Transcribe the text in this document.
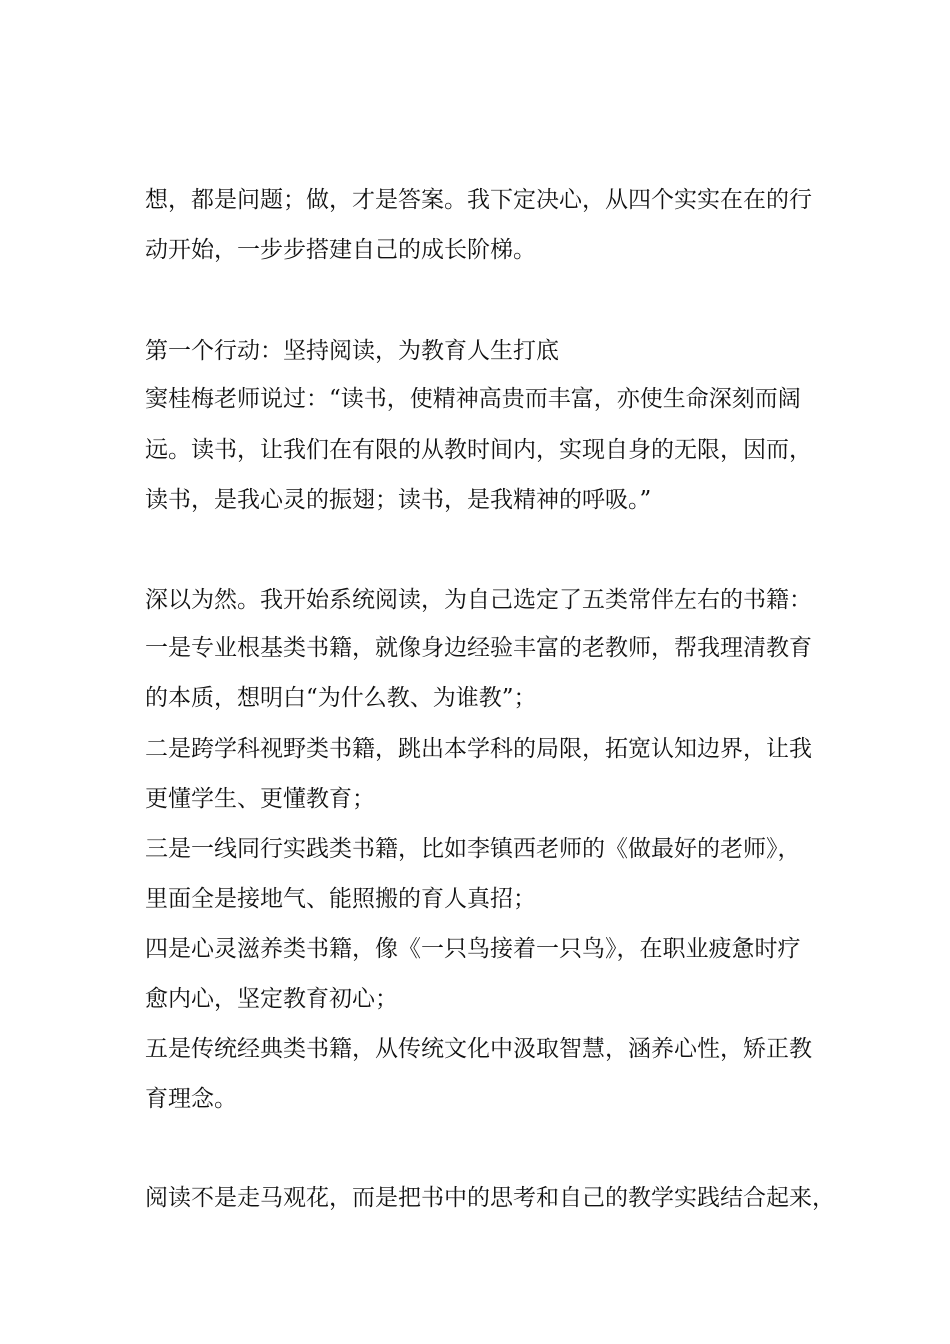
想，都是问题；做，才是答案。我下定决心，从四个实实在在的行
动开始，一步步搭建自己的成长阶梯。
第一个行动：坚持阅读，为教育人生打底
窦桂梅老师说过：“读书，使精神高贵而丰富，亦使生命深刻而阔
远。读书，让我们在有限的从教时间内，实现自身的无限，因而，
读书，是我心灵的振翅；读书，是我精神的呼吸。”
深以为然。我开始系统阅读，为自己选定了五类常伴左右的书籍：
一是专业根基类书籍，就像身边经验丰富的老教师，帮我理清教育
的本质，想明白“为什么教、为谁教”；
二是跨学科视野类书籍，跳出本学科的局限，拓宽认知边界，让我
更懂学生、更懂教育；
三是一线同行实践类书籍，比如李镇西老师的《做最好的老师》，
里面全是接地气、能照搬的育人真招；
四是心灵滋养类书籍，像《一只鸟接着一只鸟》，在职业疲惫时疗
愈内心，坚定教育初心；
五是传统经典类书籍，从传统文化中汲取智慧，涵养心性，矫正教
育理念。
阅读不是走马观花，而是把书中的思考和自己的教学实践结合起来，
